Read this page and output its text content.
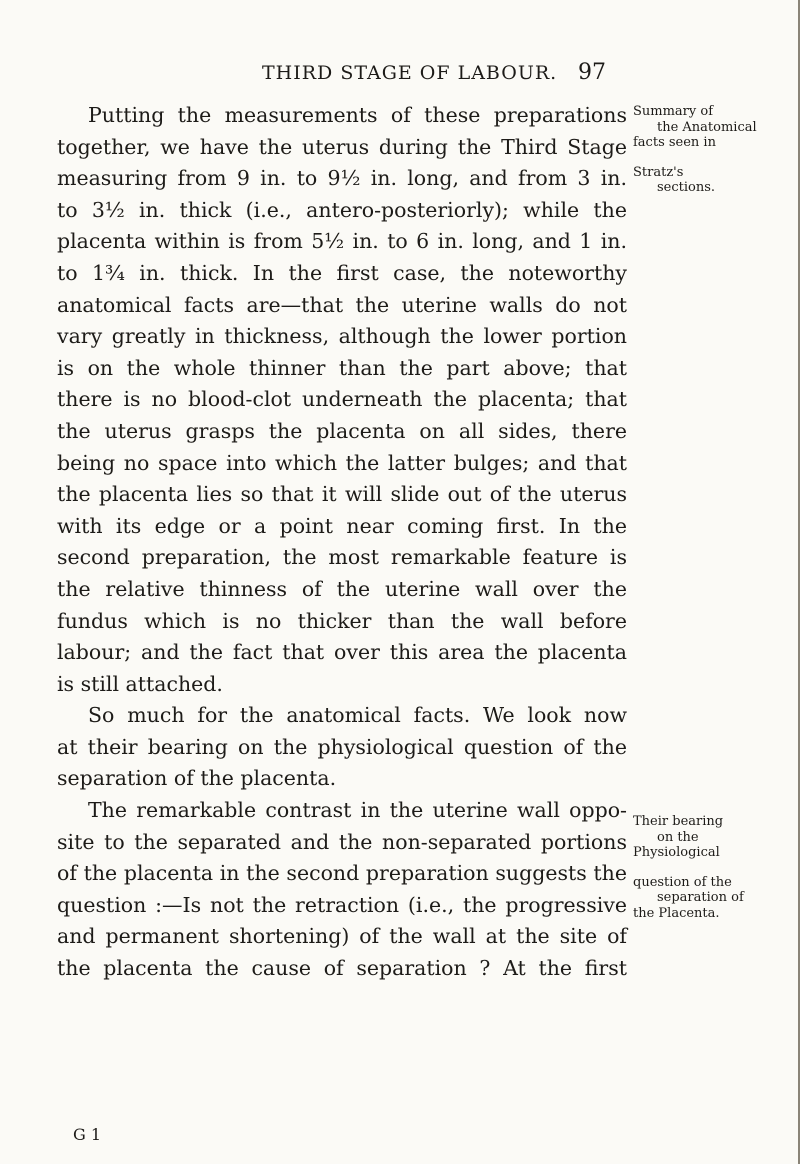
THIRD STAGE OF LABOUR. 97
Putting the measurements of these preparations
together, we have the uterus during the Third Stage
measuring from 9 in. to 9½ in. long, and from 3 in.
to 3½ in. thick (i.e., antero-posteriorly); while the
placenta within is from 5½ in. to 6 in. long, and 1 in.
to 1¾ in. thick. In the first case, the noteworthy
anatomical facts are—that the uterine walls do not
vary greatly in thickness, although the lower portion
is on the whole thinner than the part above; that
there is no blood-clot underneath the placenta; that
the uterus grasps the placenta on all sides, there
being no space into which the latter bulges; and that
the placenta lies so that it will slide out of the uterus
with its edge or a point near coming first. In the
second preparation, the most remarkable feature is
the relative thinness of the uterine wall over the
fundus which is no thicker than the wall before
labour; and the fact that over this area the placenta
is still attached.
So much for the anatomical facts. We look now
at their bearing on the physiological question of the
separation of the placenta.
The remarkable contrast in the uterine wall oppo-
site to the separated and the non-separated portions
of the placenta in the second preparation suggests the
question :—Is not the retraction (i.e., the progressive
and permanent shortening) of the wall at the site of
the placenta the cause of separation ? At the first
Summary of
the Anatomical
facts seen in
Stratz's
sections.
Their bearing
on the
Physiological
question of the
separation of
the Placenta.
G 1
